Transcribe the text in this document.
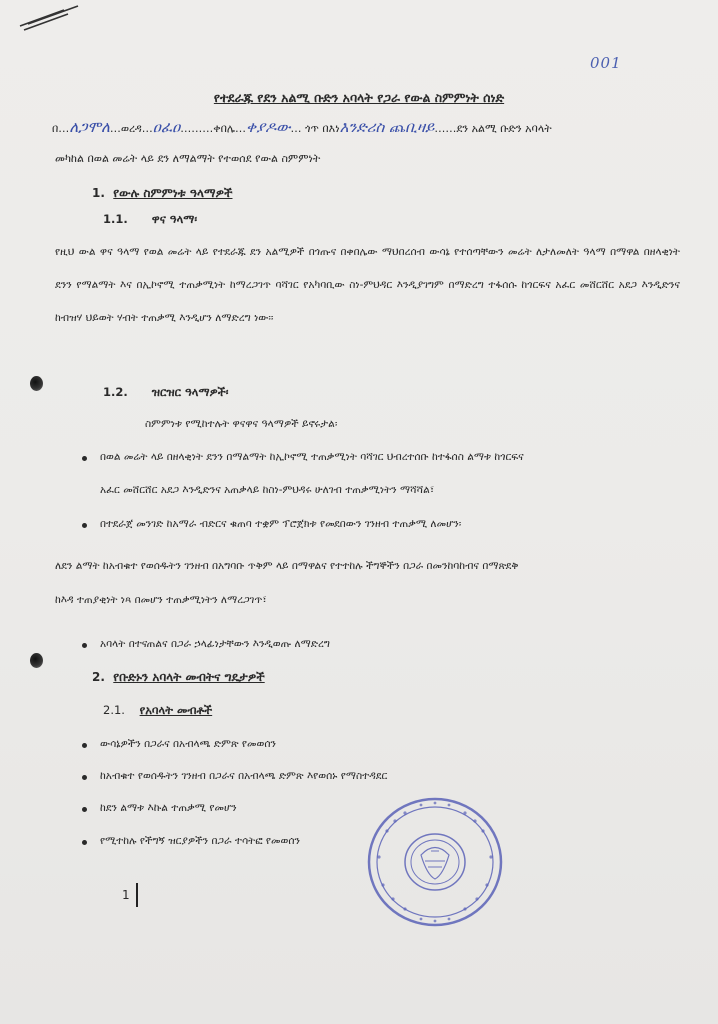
001
የተደራጁ የደን አልሚ ቡድን አባላት የጋራ የውል ስምምነት ሰነድ
በ…ለጋሞለ…ወረዳ…ዐፈዐ………ቀበሌ…ቀያዶው… ጎጥ በእነእንድሪስ ጨቢዛይ……ደን አልሚ ቡድን አባላት
መካከል በወል መሬት ላይ ደን ለማልማት የተወሰደ የውል ስምምነት
1. የውሉ ስምምነቱ ዓላማዎች
1.1. ዋና ዓላማ፡
የዚህ ውል ዋና ዓላማ የወል መሬት ላይ የተደራጁ ደን አልሚዎች በጎጡና በቀበሌው ማህበረሰብ ውሳኔ የተሰጣቸውን መሬት ለታለመለት ዓላማ በማዋል በዘላቂነት ደንን የማልማት እና በኢኮኖሚ ተጠቃሚነት ከማረጋገጥ ባሻገር የአካባቢው ስነ-ምህዳር እንዲያገግም በማድረግ ተፋሰሱ ከጎርፍና አፈር መሸርሸር አደጋ እንዲድንና ከብዝሃ ህይወት ሃብት ተጠቃሚ እንዲሆን ለማድረግ ነው፡፡
1.2. ዝርዝር ዓላማዎች፡
ስምምነቱ የሚከተሉት ዋናዋና ዓላማዎች ይኖሩታል፡
በወል መሬት ላይ በዘላቂነት ደንን በማልማት ከኢኮኖሚ ተጠቃሚነት ባሻገር ህብረተሰቡ ከተፋሰስ ልማቱ ከጎርፍና
አፈር መሸርሸር አደጋ እንዲድንና አጠቃላይ ከስነ-ምህዳሩ ሁለገብ ተጠቃሚነትን ማሻሻል፣
በተደራጀ መንገድ ከአማራ ብድርና ቁጠባ ተቋም ፕሮጀክቱ የመደበውን ገንዘብ ተጠቃሚ ለመሆን፡
ለደን ልማት ከአብቁተ የወሰዱትን ገንዘብ በአግባቡ ጥቅም ላይ በማዋልና የተተከሉ ችግኞችን በጋራ በመንከባከብና በማጽደቅ
ከእዳ ተጠያቂነት ነጻ በመሆን ተጠቃሚነትን ለማረጋገጥ፣
አባላት በተናጠልና በጋራ ኃላፊነታቸውን እንዲወጡ ለማድረግ
2. የቡድኑን አባላት መብትና ግዴታዎች
2.1. የአባላት መብቶች
ውሳኔዎችን በጋራና በአብላጫ ድምጽ የመወሰን
ከአብቁተ የወሰዱትን ገንዘብ በጋራና በአብላጫ ድምጽ እየወሰኑ የማስተዳደር
ከደን ልማቱ እኩል ተጠቃሚ የመሆን
የሚተከሉ የችግኝ ዝርያዎችን በጋራ ተሳትፎ የመወሰን
1
